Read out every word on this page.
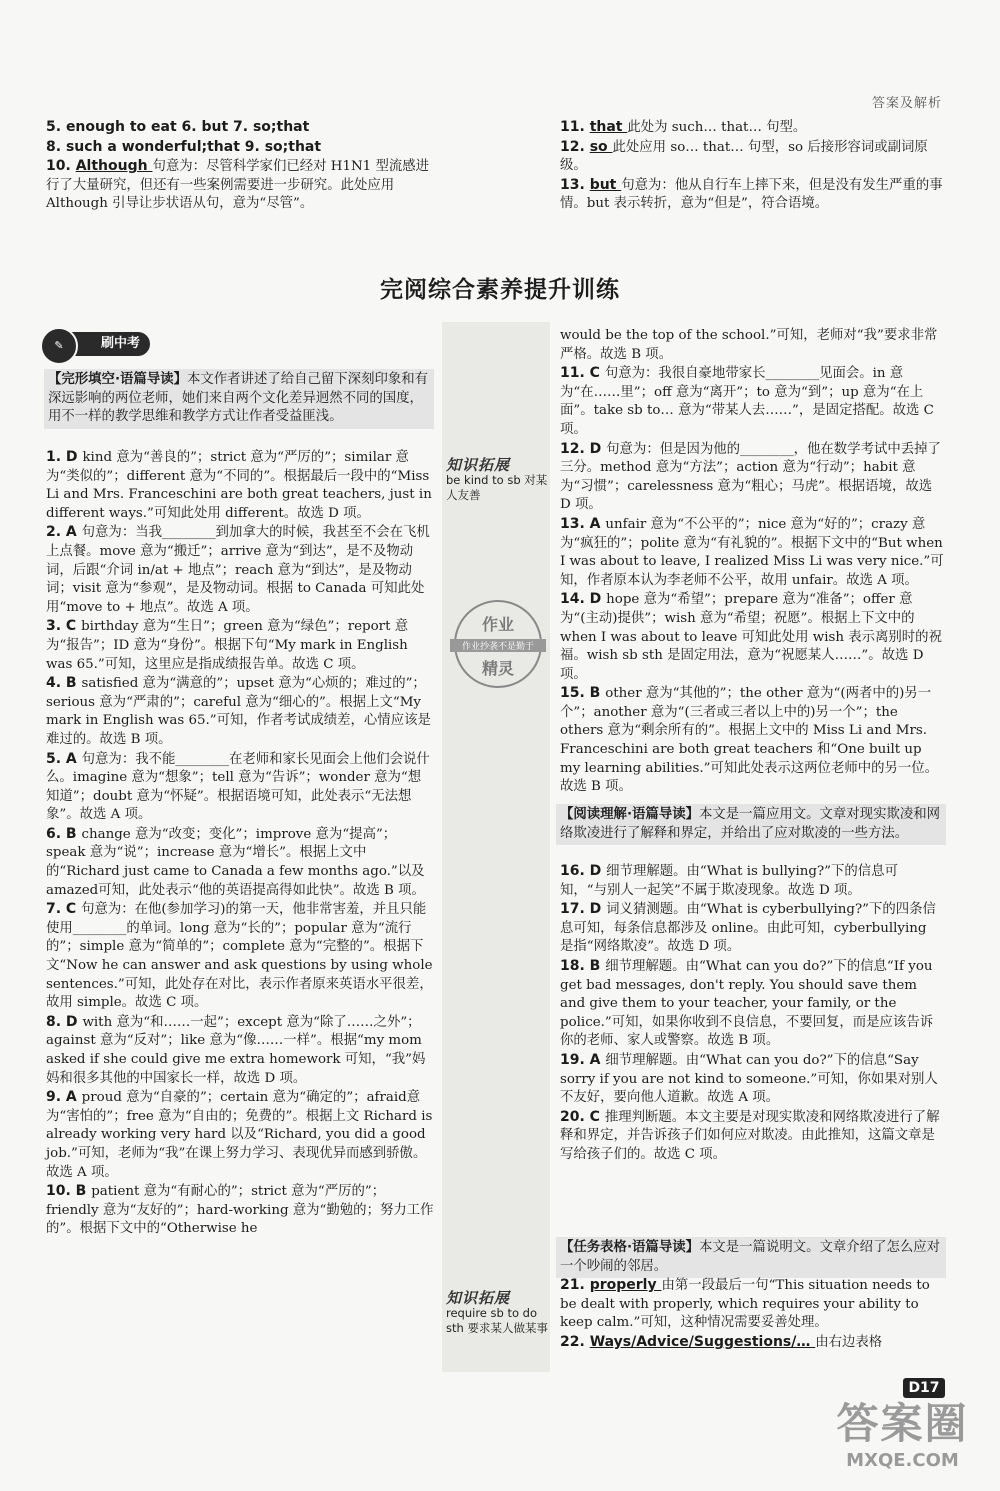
答案及解析
5. enough to eat 6. but 7. so;that
8. such a wonderful;that 9. so;that
10. Although 句意为：尽管科学家们已经对 H1N1 型流感进行了大量研究，但还有一些案例需要进一步研究。此处应用 Although 引导让步状语从句，意为“尽管”。
11. that 此处为 such… that… 句型。
12. so 此处应用 so… that… 句型，so 后接形容词或副词原级。
13. but 句意为：他从自行车上摔下来，但是没有发生严重的事情。but 表示转折，意为“但是”，符合语境。
完阅综合素养提升训练
刷中考
✎
【完形填空·语篇导读】本文作者讲述了给自己留下深刻印象和有深远影响的两位老师，她们来自两个文化差异迥然不同的国度，用不一样的教学思维和教学方式让作者受益匪浅。
知识拓展
be kind to sb 对某人友善
作业
作业抄袭不是勤于
精灵
知识拓展
require sb to do sth 要求某人做某事
1. D kind 意为“善良的”；strict 意为“严厉的”；similar 意为“类似的”；different 意为“不同的”。根据最后一段中的“Miss Li and Mrs. Franceschini are both great teachers, just in different ways.”可知此处用 different。故选 D 项。
2. A 句意为：当我________到加拿大的时候，我甚至不会在飞机上点餐。move 意为“搬迁”；arrive 意为“到达”，是不及物动词，后跟“介词 in/at + 地点”；reach 意为“到达”，是及物动词；visit 意为“参观”，是及物动词。根据 to Canada 可知此处用“move to + 地点”。故选 A 项。
3. C birthday 意为“生日”；green 意为“绿色”；report 意为“报告”；ID 意为“身份”。根据下句“My mark in English was 65.”可知，这里应是指成绩报告单。故选 C 项。
4. B satisfied 意为“满意的”；upset 意为“心烦的；难过的”；serious 意为“严肃的”；careful 意为“细心的”。根据上文“My mark in English was 65.”可知，作者考试成绩差，心情应该是难过的。故选 B 项。
5. A 句意为：我不能________在老师和家长见面会上他们会说什么。imagine 意为“想象”；tell 意为“告诉”；wonder 意为“想知道”；doubt 意为“怀疑”。根据语境可知，此处表示“无法想象”。故选 A 项。
6. B change 意为“改变；变化”；improve 意为“提高”；speak 意为“说”；increase 意为“增长”。根据上文中的“Richard just came to Canada a few months ago.”以及amazed可知，此处表示“他的英语提高得如此快”。故选 B 项。
7. C 句意为：在他(参加学习)的第一天，他非常害羞，并且只能使用________的单词。long 意为“长的”；popular 意为“流行的”；simple 意为“简单的”；complete 意为“完整的”。根据下文“Now he can answer and ask questions by using whole sentences.”可知，此处存在对比，表示作者原来英语水平很差，故用 simple。故选 C 项。
8. D with 意为“和……一起”；except 意为“除了……之外”；against 意为“反对”；like 意为“像……一样”。根据“my mom asked if she could give me extra homework 可知，“我”妈妈和很多其他的中国家长一样，故选 D 项。
9. A proud 意为“自豪的”；certain 意为“确定的”；afraid意为“害怕的”；free 意为“自由的；免费的”。根据上文 Richard is already working very hard 以及“Richard, you did a good job.”可知，老师为“我”在课上努力学习、表现优异而感到骄傲。故选 A 项。
10. B patient 意为“有耐心的”；strict 意为“严厉的”；friendly 意为“友好的”；hard-working 意为“勤勉的；努力工作的”。根据下文中的“Otherwise he
would be the top of the school.”可知，老师对“我”要求非常严格。故选 B 项。
11. C 句意为：我很自豪地带家长________见面会。in 意为“在……里”；off 意为“离开”；to 意为“到”；up 意为“在上面”。take sb to… 意为“带某人去……”，是固定搭配。故选 C 项。
12. D 句意为：但是因为他的________，他在数学考试中丢掉了三分。method 意为“方法”；action 意为“行动”；habit 意为“习惯”；carelessness 意为“粗心；马虎”。根据语境，故选 D 项。
13. A unfair 意为“不公平的”；nice 意为“好的”；crazy 意为“疯狂的”；polite 意为“有礼貌的”。根据下文中的“But when I was about to leave, I realized Miss Li was very nice.”可知，作者原本认为李老师不公平，故用 unfair。故选 A 项。
14. D hope 意为“希望”；prepare 意为“准备”；offer 意为“(主动)提供”；wish 意为“希望；祝愿”。根据上下文中的 when I was about to leave 可知此处用 wish 表示离别时的祝福。wish sb sth 是固定用法，意为“祝愿某人……”。故选 D 项。
15. B other 意为“其他的”；the other 意为“(两者中的)另一个”；another 意为“(三者或三者以上中的)另一个”；the others 意为“剩余所有的”。根据上文中的 Miss Li and Mrs. Franceschini are both great teachers 和“One built up my learning abilities.”可知此处表示这两位老师中的另一位。故选 B 项。
【阅读理解·语篇导读】本文是一篇应用文。文章对现实欺凌和网络欺凌进行了解释和界定，并给出了应对欺凌的一些方法。
16. D 细节理解题。由“What is bullying?”下的信息可知，“与别人一起笑”不属于欺凌现象。故选 D 项。
17. D 词义猜测题。由“What is cyberbullying?”下的四条信息可知，每条信息都涉及 online。由此可知，cyberbullying 是指“网络欺凌”。故选 D 项。
18. B 细节理解题。由“What can you do?”下的信息“If you get bad messages, don't reply. You should save them and give them to your teacher, your family, or the police.”可知，如果你收到不良信息，不要回复，而是应该告诉你的老师、家人或警察。故选 B 项。
19. A 细节理解题。由“What can you do?”下的信息“Say sorry if you are not kind to someone.”可知，你如果对别人不友好，要向他人道歉。故选 A 项。
20. C 推理判断题。本文主要是对现实欺凌和网络欺凌进行了解释和界定，并告诉孩子们如何应对欺凌。由此推知，这篇文章是写给孩子们的。故选 C 项。
【任务表格·语篇导读】本文是一篇说明文。文章介绍了怎么应对一个吵闹的邻居。
21. properly 由第一段最后一句“This situation needs to be dealt with properly, which requires your ability to keep calm.”可知，这种情况需要妥善处理。
22. Ways/Advice/Suggestions/… 由右边表格
D17
答案圈
MXQE.COM
